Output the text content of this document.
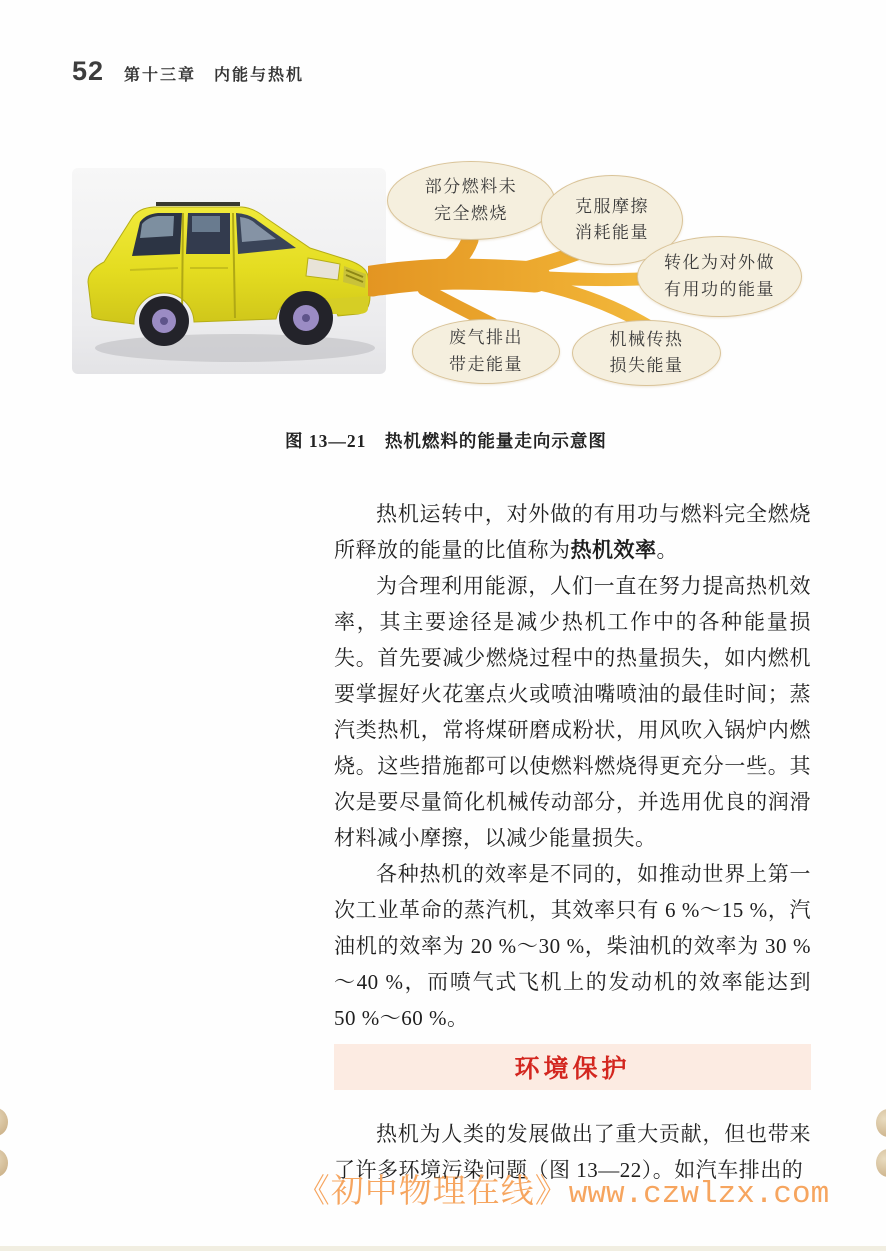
52 第十三章　内能与热机
部分燃料未
完全燃烧	克服摩擦
消耗能量
转化为对外做
有用功的能量
废气排出
带走能量
机械传热
损失能量
图 13—21　热机燃料的能量走向示意图

热机运转中，对外做的有用功与燃料完全燃烧所释放的能量的比值称为热机效率。

为合理利用能源，人们一直在努力提高热机效率，其主要途径是减少热机工作中的各种能量损失。首先要减少燃烧过程中的热量损失，如内燃机要掌握好火花塞点火或喷油嘴喷油的最佳时间；蒸汽类热机，常将煤研磨成粉状，用风吹入锅炉内燃烧。这些措施都可以使燃料燃烧得更充分一些。其次是要尽量简化机械传动部分，并选用优良的润滑材料减小摩擦，以减少能量损失。

各种热机的效率是不同的，如推动世界上第一次工业革命的蒸汽机，其效率只有 6 %～15 %，汽油机的效率为 20 %～30 %，柴油机的效率为 30 %～40 %，而喷气式飞机上的发动机的效率能达到 50 %～60 %。

环境保护

热机为人类的发展做出了重大贡献，但也带来了许多环境污染问题（图 13—22）。如汽车排出的

《初中物理在线》www.czwlzx.com
